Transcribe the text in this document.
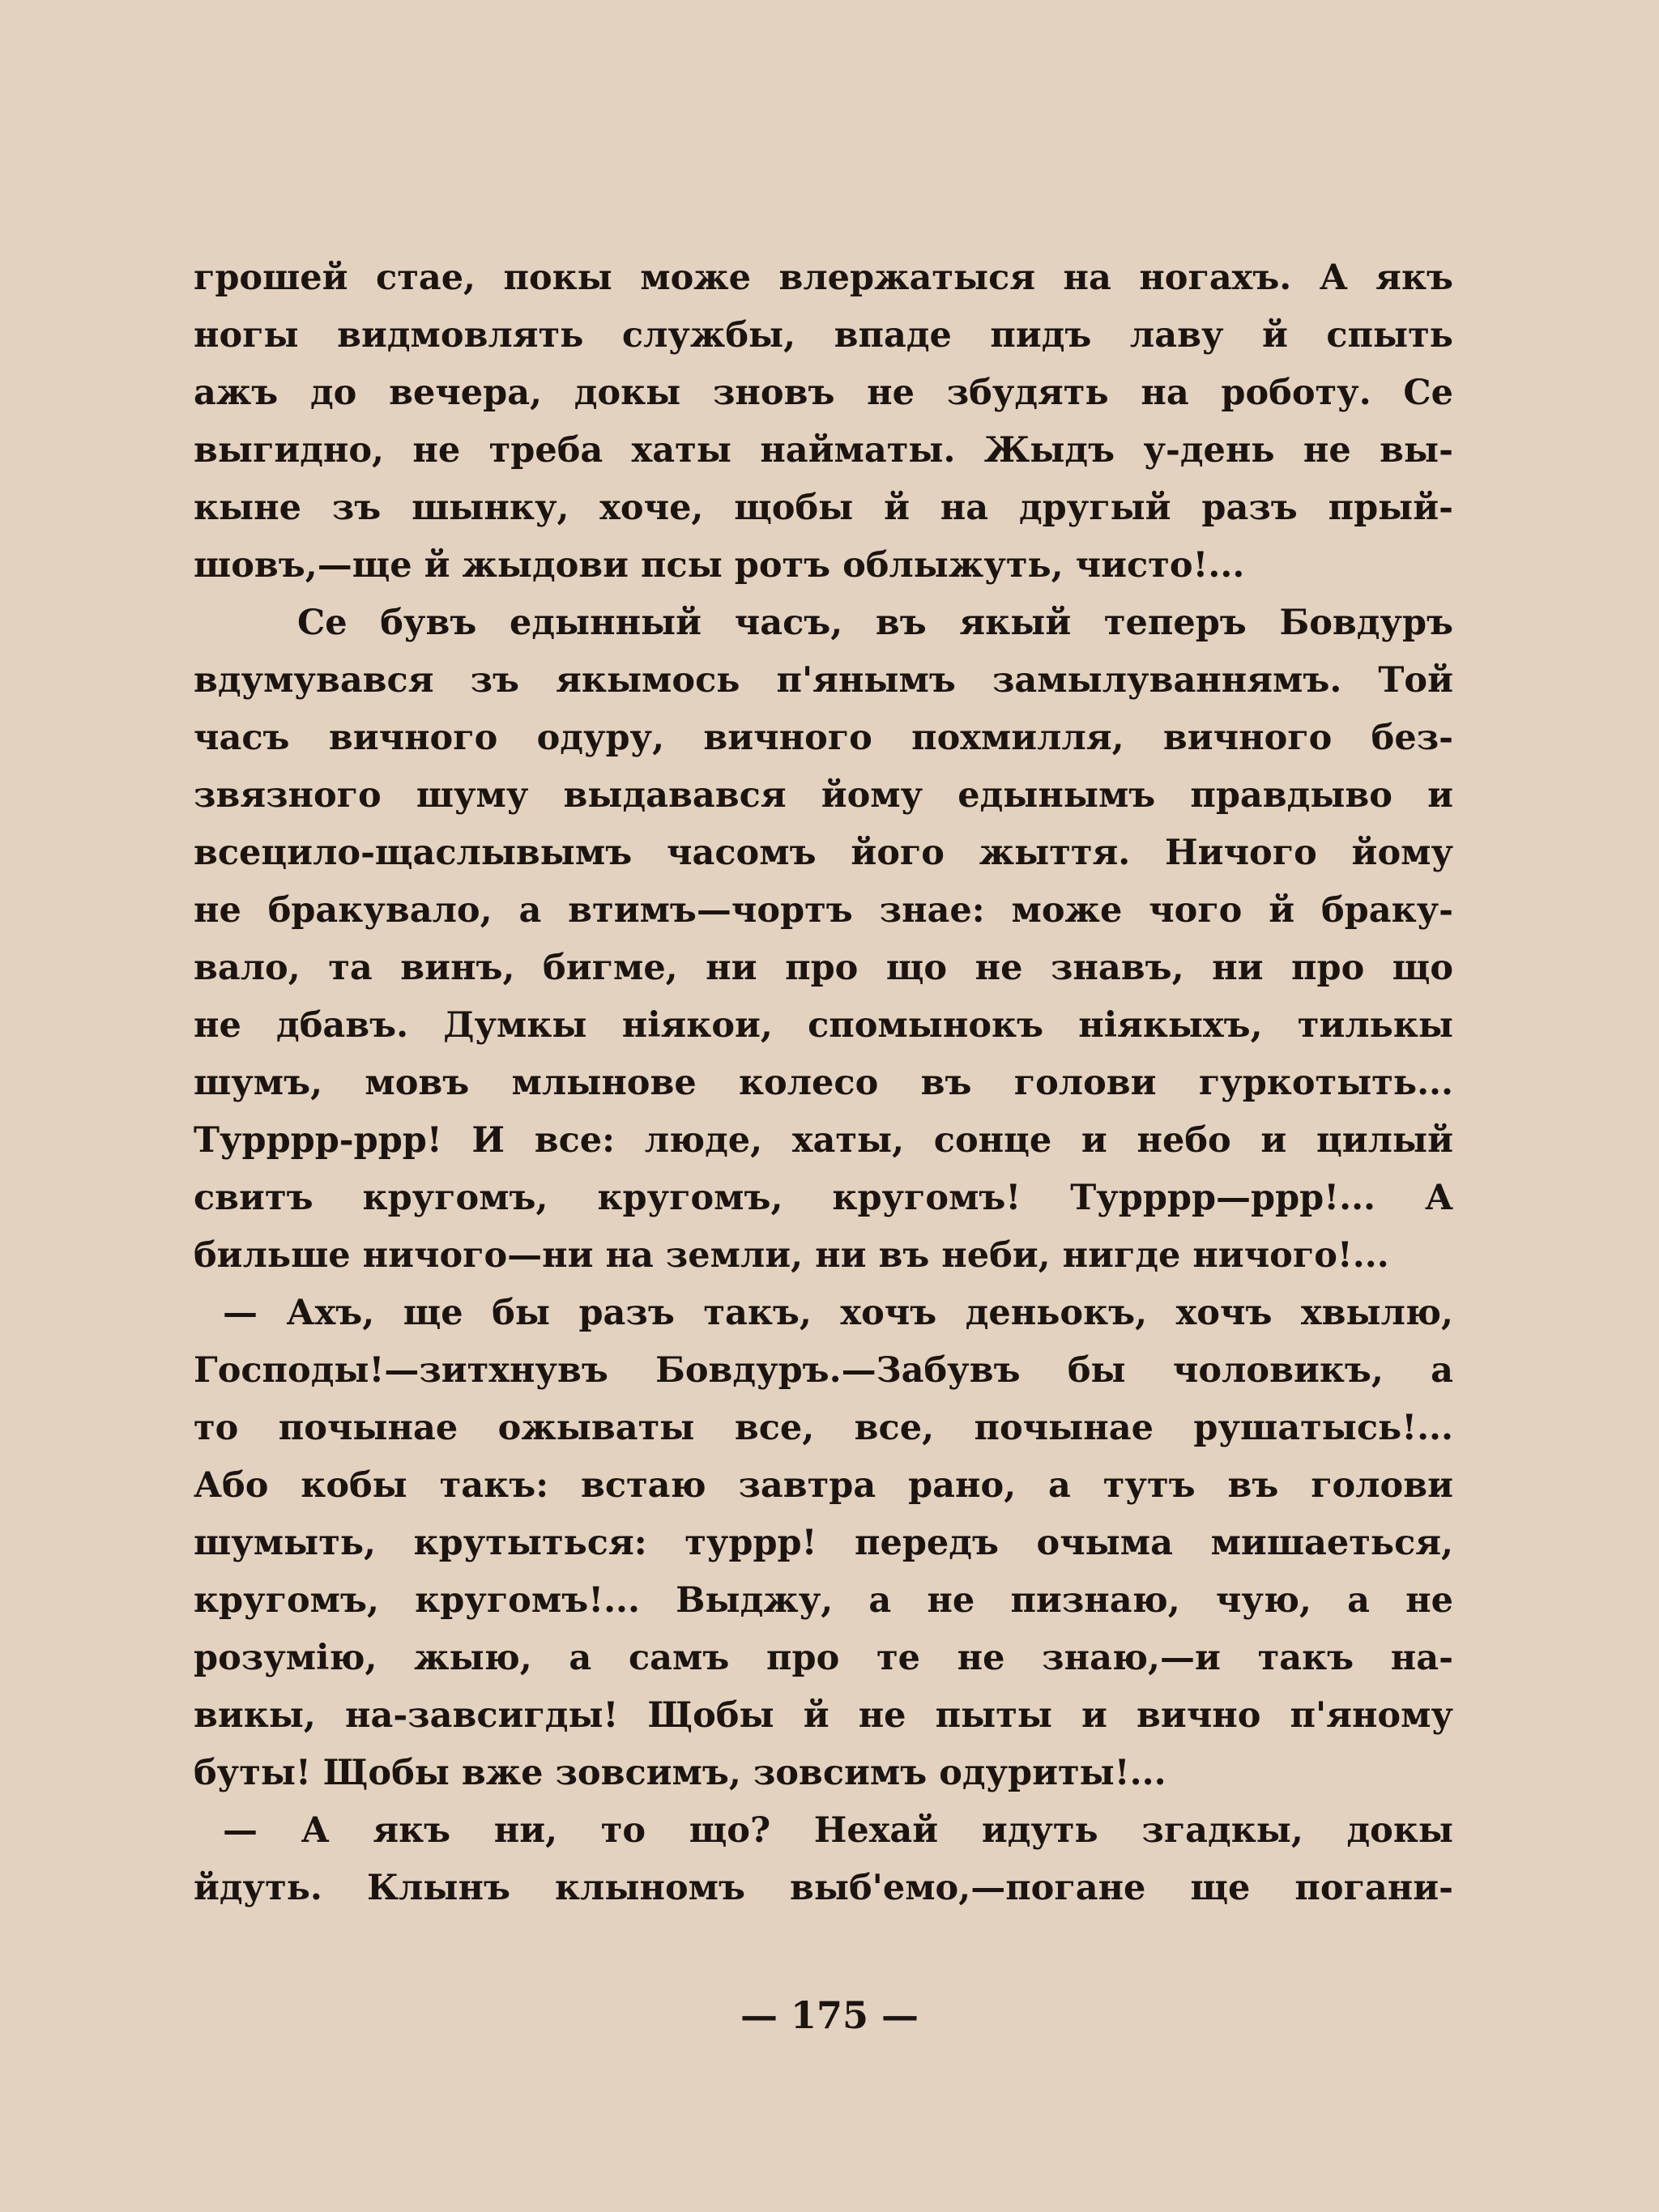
грошей стае, покы може влержатыся на ногахъ. А якъ
ногы видмовлять службы, впаде пидъ лаву й спыть
ажъ до вечера, докы зновъ не збудять на роботу. Се
выгидно, не треба хаты найматы. Жыдъ у-день не вы-
кыне зъ шынку, хоче, щобы й на другый разъ прый-
шовъ,—ще й жыдови псы ротъ облыжуть, чисто!...
Се бувъ едынный часъ, въ якый теперъ Бовдуръ
вдумувався зъ якымось п'янымъ замылуваннямъ. Той
часъ вичного одуру, вичного похмилля, вичного без-
звязного шуму выдавався йому едынымъ правдыво и
всецило-щаслывымъ часомъ його жыття. Ничого йому
не бракувало, а втимъ—чортъ знае: може чого й браку-
вало, та винъ, бигме, ни про що не знавъ, ни про що
не дбавъ. Думкы нiякои, спомынокъ нiякыхъ, тилькы
шумъ, мовъ млынове колесо въ голови гуркотыть...
Турррр-ррр! И все: люде, хаты, сонце и небо и цилый
свитъ кругомъ, кругомъ, кругомъ! Турррр—ррр!... А
бильше ничого—ни на земли, ни въ неби, нигде ничого!...
— Ахъ, ще бы разъ такъ, хочъ деньокъ, хочъ хвылю,
Господы!—зитхнувъ Бовдуръ.—Забувъ бы чоловикъ, а
то почынае ожываты все, все, почынае рушатысь!...
Або кобы такъ: встаю завтра рано, а тутъ въ голови
шумыть, крутыться: туррр! передъ очыма мишаеться,
кругомъ, кругомъ!... Выджу, а не пизнаю, чую, а не
розумiю, жыю, а самъ про те не знаю,—и такъ на-
викы, на-завсигды! Щобы й не пыты и вично п'яному
буты! Щобы вже зовсимъ, зовсимъ одуриты!...
— А якъ ни, то що? Нехай идуть згадкы, докы
йдуть. Клынъ клыномъ выб'емо,—погане ще погани-
— 175 —
